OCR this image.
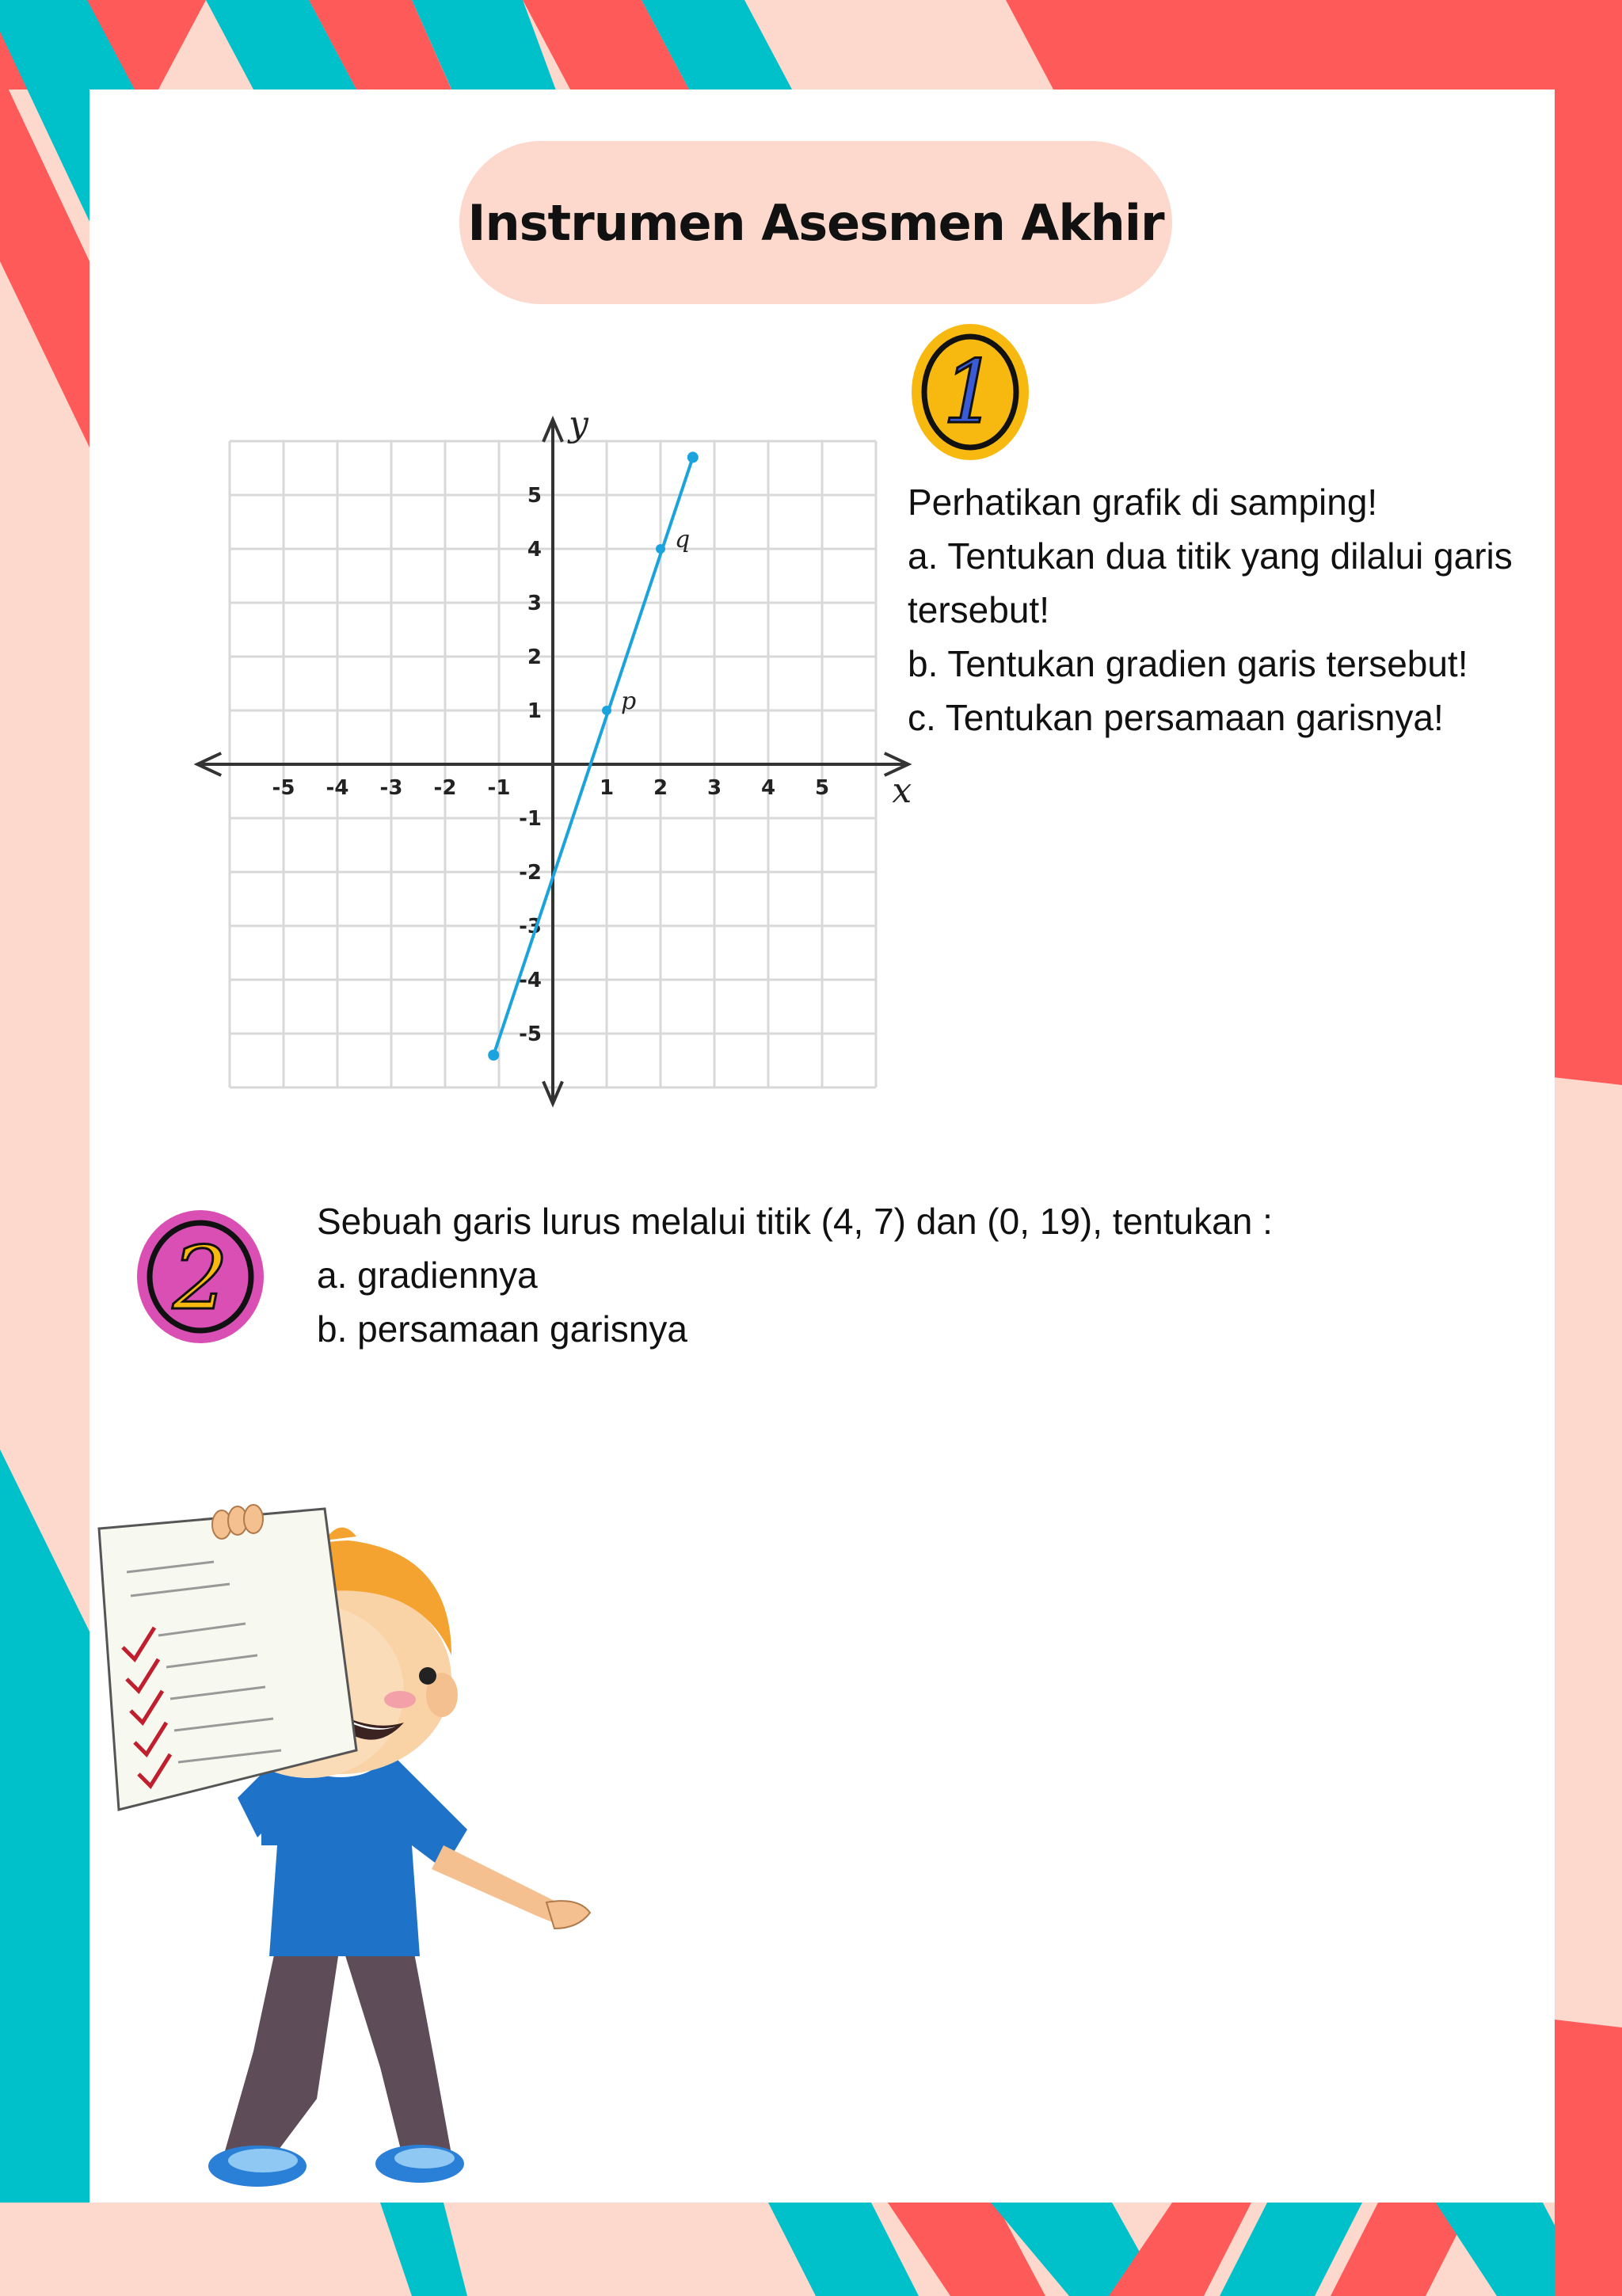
Instrumen Asesmen Akhir
1
Perhatikan grafik di samping!
a. Tentukan dua titik yang dilalui garis
tersebut!
b. Tentukan gradien garis tersebut!
c. Tentukan persamaan garisnya!
-5 -4 -3 -2 -1	1 2 3 4 5
5
4
3
2
1
-1
-2
-3
-4
-5
x
y
p
q
2
Sebuah garis lurus melalui titik (4, 7) dan (0, 19), tentukan :
a. gradiennya
b. persamaan garisnya
